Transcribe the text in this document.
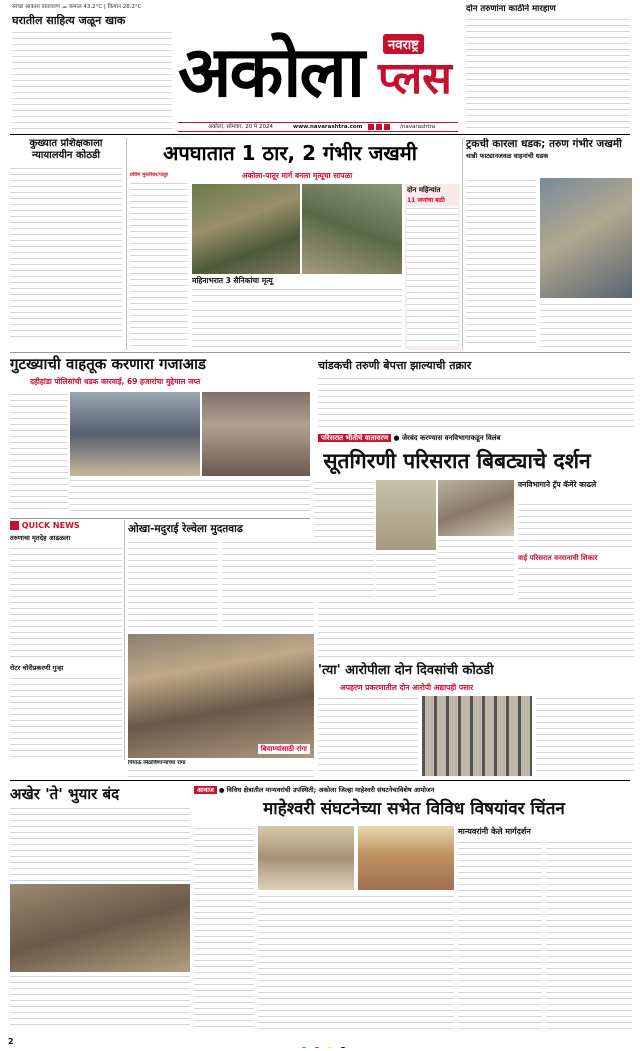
स्वच्छ आकाश वातावरण ☁ कमाल 43.2°C | किमान 28.2°C
घरातील साहित्य जळून खाक
अकोला	नवराष्ट्र
प्लस
दोन तरुणांना काठीने मारहाण
अकोला, सोमवार, 20 मे 2024	www.navarashtra.com
	/navarashtra
कुख्यात प्रशिक्षकाला न्यायालयीन कोठडी	अपघातात 1 ठार, 2 गंभीर जखमी
प्रविण मुरलीधर/पातूर	अकोला-पातूर मार्ग बनला मृत्यूचा सापळा
महिनाभरात 3 सैनिकांचा मृत्यू
दोन महिन्यांत
11 जणांचा बळी
ट्रकची कारला धडक; तरुण गंभीर जखमी
चान्नी फाट्यानजवळ वाहनांची धडक
गुटख्याची वाहतूक करणारा गजाआड
दहीहांडा पोलिसांची धडक कारवाई, 69 हजारांचा मुद्देमाल जप्त
चांडकची तरुणी बेपत्ता झाल्याची तक्रार
परिसरात भीतीचे वातावरण ● जेरबंद करण्यास वनविभागाकडून विलंब
सूतगिरणी परिसरात बिबट्याचे दर्शन
वनविभागाने ट्रॅप कॅमेरे काढले
वाई परिसरात वनरानाची शिकार
QUICK NEWS
तरुणाचा मृतदेह आढळला
रोटर चोरीप्रकरणी गुन्हा
ओखा-मदुराई रेल्वेला मुदतवाढ
बियाण्यांसाठी रांगा
पियाऊ मिळविणाऱ्यांच्या रांगा
'त्या' आरोपीला दोन दिवसांची कोठडी
अपहरण प्रकरणातील दोन आरोपी अद्यापही पसार
अखेर 'ते' भुयार बंद	आवाज ● विविध क्षेत्रातील मान्यवरांची उपस्थिती; अकोला जिल्हा माहेश्वरी संघटनेचाविशेष आयोजन
माहेश्वरी संघटनेच्या सभेत विविध विषयांवर चिंतन
मान्यवरांनी केले मार्गदर्शन
2
